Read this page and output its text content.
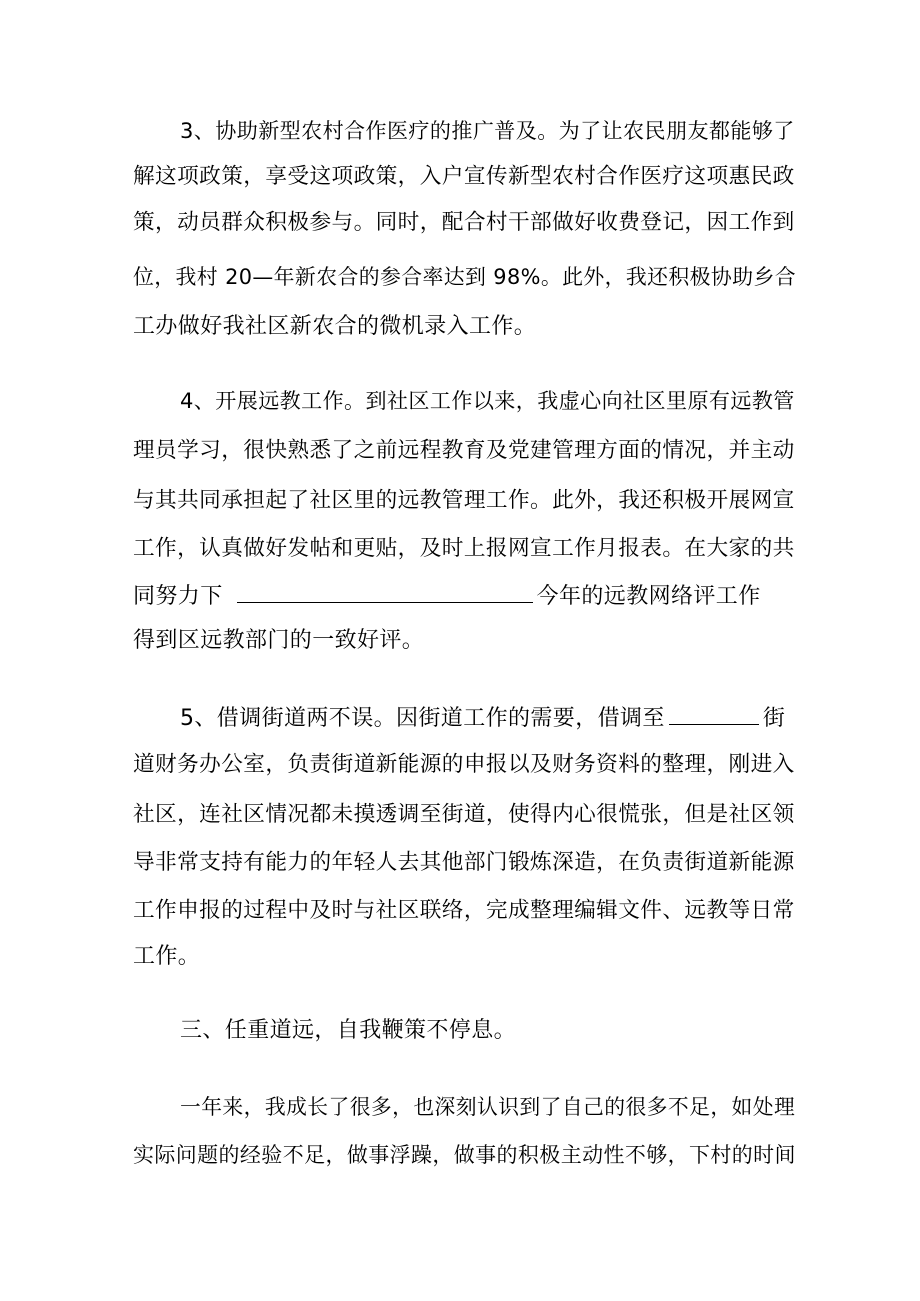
3、协助新型农村合作医疗的推广普及。为了让农民朋友都能够了
解这项政策，享受这项政策，入户宣传新型农村合作医疗这项惠民政
策，动员群众积极参与。同时，配合村干部做好收费登记，因工作到
位，我村 20—年新农合的参合率达到 98%。此外，我还积极协助乡合
工办做好我社区新农合的微机录入工作。
4、开展远教工作。到社区工作以来，我虚心向社区里原有远教管
理员学习，很快熟悉了之前远程教育及党建管理方面的情况，并主动
与其共同承担起了社区里的远教管理工作。此外，我还积极开展网宣
工作，认真做好发帖和更贴，及时上报网宣工作月报表。在大家的共
同努力下	今年的远教网络评工作
得到区远教部门的一致好评。
5、借调街道两不误。因街道工作的需要，借调至	街
道财务办公室，负责街道新能源的申报以及财务资料的整理，刚进入
社区，连社区情况都未摸透调至街道，使得内心很慌张，但是社区领
导非常支持有能力的年轻人去其他部门锻炼深造，在负责街道新能源
工作申报的过程中及时与社区联络，完成整理编辑文件、远教等日常
工作。
三、任重道远，自我鞭策不停息。
一年来，我成长了很多，也深刻认识到了自己的很多不足，如处理
实际问题的经验不足，做事浮躁，做事的积极主动性不够，下村的时间
